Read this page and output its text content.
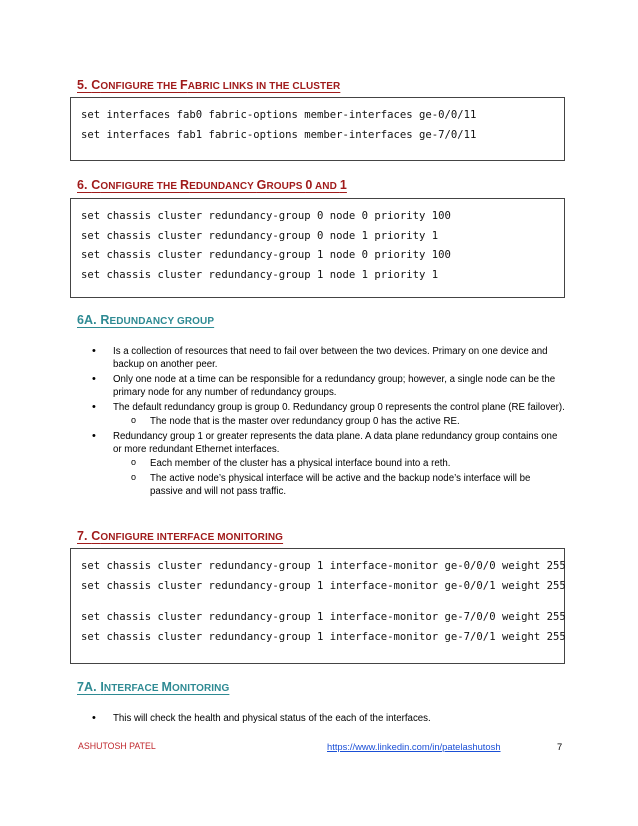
5. CONFIGURE THE FABRIC LINKS IN THE CLUSTER
set interfaces fab0 fabric-options member-interfaces ge-0/0/11
set interfaces fab1 fabric-options member-interfaces ge-7/0/11
6. CONFIGURE THE REDUNDANCY GROUPS 0 AND 1
set chassis cluster redundancy-group 0 node 0 priority 100
set chassis cluster redundancy-group 0 node 1 priority 1
set chassis cluster redundancy-group 1 node 0 priority 100
set chassis cluster redundancy-group 1 node 1 priority 1
6A. REDUNDANCY GROUP
• Is a collection of resources that need to fail over between the two devices. Primary on one device and backup on another peer.
• Only one node at a time can be responsible for a redundancy group; however, a single node can be the primary node for any number of redundancy groups.
• The default redundancy group is group 0. Redundancy group 0 represents the control plane (RE failover).
o The node that is the master over redundancy group 0 has the active RE.
• Redundancy group 1 or greater represents the data plane. A data plane redundancy group contains one or more redundant Ethernet interfaces.
o Each member of the cluster has a physical interface bound into a reth.
o The active node’s physical interface will be active and the backup node’s interface will be passive and will not pass traffic.
7. CONFIGURE INTERFACE MONITORING
set chassis cluster redundancy-group 1 interface-monitor ge-0/0/0 weight 255
set chassis cluster redundancy-group 1 interface-monitor ge-0/0/1 weight 255
set chassis cluster redundancy-group 1 interface-monitor ge-7/0/0 weight 255
set chassis cluster redundancy-group 1 interface-monitor ge-7/0/1 weight 255
7A. INTERFACE MONITORING
• This will check the health and physical status of the each of the interfaces.
ASHUTOSH PATEL	https://www.linkedin.com/in/patelashutosh	7
